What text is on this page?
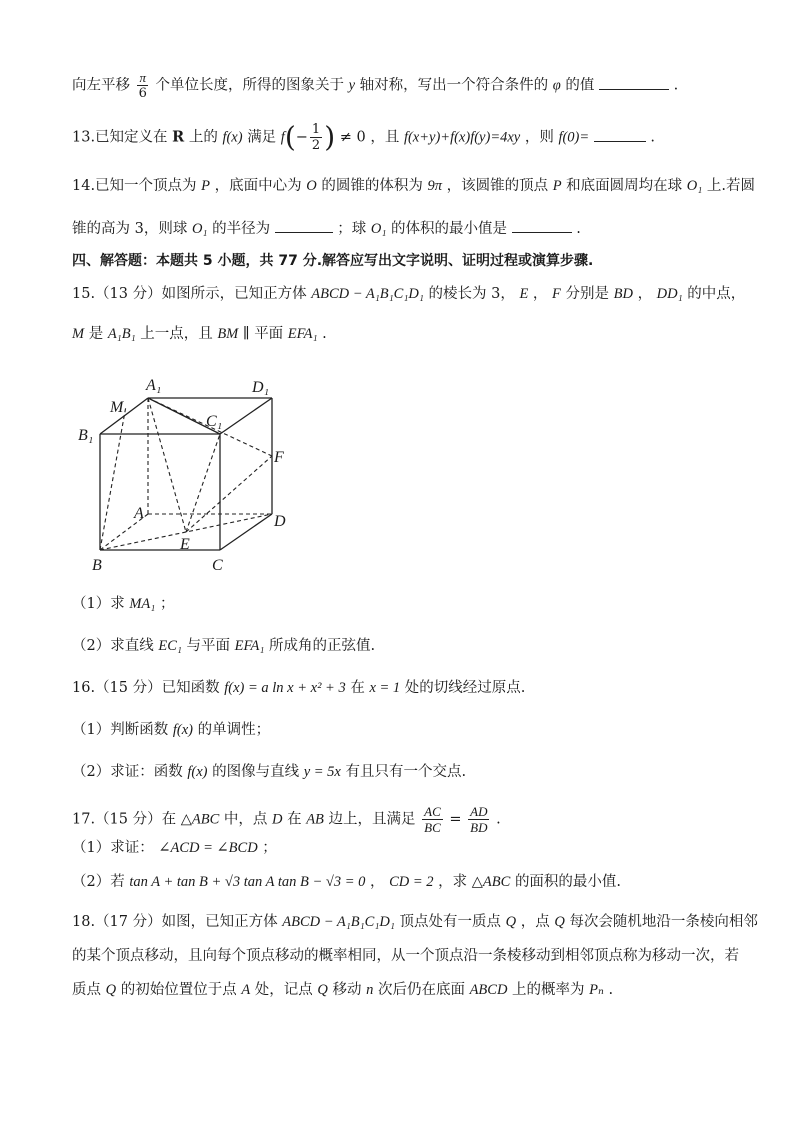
向左平移 $\frac{\pi}{6}$ 个单位长度，所得的图象关于 y 轴对称，写出一个符合条件的 φ 的值	.
13.已知定义在 R 上的 f(x) 满足 $f(- \frac{1}{2}$ ) ≠ 0 ，且 f(x+y)+f(x)f(y)=4xy ，则 f(0)=	.
14.已知一个顶点为 P ，底面中心为 O 的圆锥的体积为 9π ，该圆锥的顶点 P 和底面圆周均在球 O₁ 上.若圆
锥的高为 3，则球 O₁ 的半径为	；球 O₁ 的体积的最小值是	.
四、解答题：本题共 5 小题，共 77 分.解答应写出文字说明、证明过程或演算步骤.
15.（13 分）如图所示，已知正方体 ABCD − A₁B₁C₁D₁ 的棱长为 3， E ， F 分别是 BD ， DD₁ 的中点，
M 是 A₁B₁ 上一点，且 BM ∥ 平面 EFA₁ .
A₁	D₁
M
C₁
B₁
F
A	D
E
B	C
（1）求 MA₁ ；
（2）求直线 EC₁ 与平面 EFA₁ 所成角的正弦值.
16.（15 分）已知函数 f(x) = a ln x + x² + 3 在 x = 1 处的切线经过原点.
（1）判断函数 f(x) 的单调性；
（2）求证：函数 f(x) 的图像与直线 y = 5x 有且只有一个交点.
17.（15 分）在 △ABC 中，点 D 在 AB 边上，且满足 $\frac{AC}{BC} = \frac{AD}{BD}$ .
（1）求证： ∠ACD = ∠BCD ；
（2）若 tan A + tan B + √3 tan A tan B − √3 = 0 ， CD = 2 ，求 △ABC 的面积的最小值.
18.（17 分）如图，已知正方体 ABCD − A₁B₁C₁D₁ 顶点处有一质点 Q ，点 Q 每次会随机地沿一条棱向相邻
的某个顶点移动，且向每个顶点移动的概率相同，从一个顶点沿一条棱移动到相邻顶点称为移动一次，若
质点 Q 的初始位置位于点 A 处，记点 Q 移动 n 次后仍在底面 ABCD 上的概率为 Pₙ .
